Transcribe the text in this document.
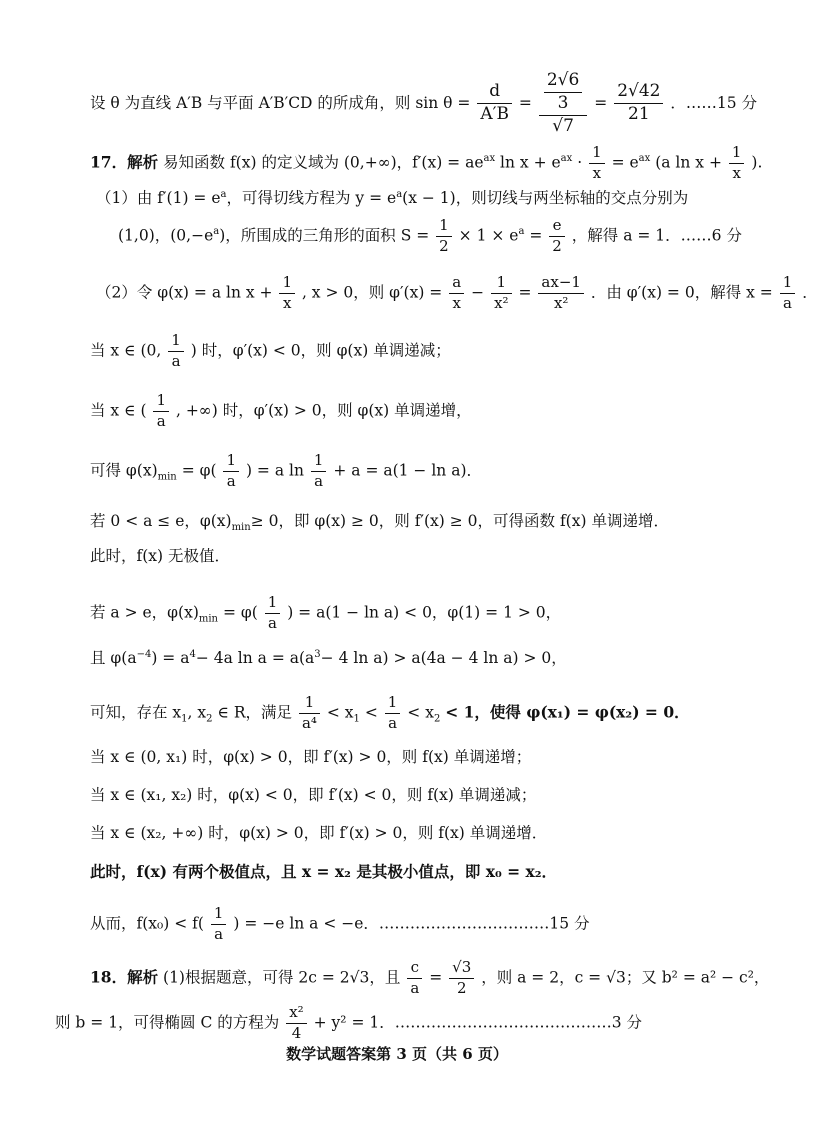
设 θ 为直线 A′B 与平面 A′B′CD 的所成角，则 $\sin \theta = \frac{d}{A'B} = \frac{\frac{2√6}{3}}{√7} = \frac{2√42}{21}$ ．……15 分
17．解析 易知函数 f(x) 的定义域为 (0,+∞)，$f'(x) = ae^{ax}$ $\ln x + e^{ax} \cdot \frac{1}{x} = e^{ax}$ (a $\ln x + \frac{1}{x}$ ).
（1）由 $f'(1) = e^a$，可得切线方程为 $y = e^a(x - 1)$，则切线与两坐标轴的交点分别为
(1,0)，$(0,-e^a)$，所围成的三角形的面积 $S = \frac{1}{2} \times 1 \times e^a = \frac{e}{2}$ ，解得 a = 1．……6 分
（2）令 φ(x) = a $\ln x + \frac{1}{x}$ , x > 0，则 $\varphi'(x) = \frac{a}{x} - \frac{1}{\text{x²}} = \frac{ax-1}{\text{x²}}$ ．由 φ′(x) = 0，解得 $x = \frac{1}{a}$ ．
当 x ∈ (0, $\frac{1}{a}$ ) 时，φ′(x) < 0，则 φ(x) 单调递减；
当 x ∈ ( $\frac{1}{a}$ , +∞) 时，φ′(x) > 0，则 φ(x) 单调递增，
可得 $\varphi(x)_{min} = \varphi( \frac{1}{a}$ ) = a $\ln \frac{1}{a} + a = a(1 - \ln a)$．
若 0 < a ≤ e，$\varphi(x)_{min}\ge 0$，即 φ(x) ≥ 0，则 f′(x) ≥ 0，可得函数 f(x) 单调递增．
此时，f(x) 无极值．
若 a > e，$\varphi(x)_{min} = \varphi( \frac{1}{a}$ ) = a(1 − ln a) < 0，φ(1) = 1 > 0，
且 $\varphi(a^{-4}) = a^4- 4a$ $\ln a = a(a^3- 4$ ln a) > a(4a − 4 ln a) > 0，
可知，存在 $x_1$, $x_2$ ∈ R，满足 $\frac{1}{\text{a⁴}} < x_1 < \frac{1}{a} < x_2 < 1$，使得 φ(x₁) = φ(x₂) = 0．
当 x ∈ (0, x₁) 时，φ(x) > 0，即 f′(x) > 0，则 f(x) 单调递增；
当 x ∈ (x₁, x₂) 时，φ(x) < 0，即 f′(x) < 0，则 f(x) 单调递减；
当 x ∈ (x₂, +∞) 时，φ(x) > 0，即 f′(x) > 0，则 f(x) 单调递增．
此时，f(x) 有两个极值点，且 x = x₂ 是其极小值点，即 x₀ = x₂．
从而，$f(x_0) < f( \frac{1}{a}$ ) = −e ln a < −e．……………………………15 分
18．解析 (1)根据题意，可得 2c = 2√3，且 $\frac{c}{a} = \frac{√3}{2}$ ，则 a = 2，c = √3；又 b² = a² − c²，
则 b = 1，可得椭圆 C 的方程为 $\frac{\text{x²}}{4} + y^2 = 1$．……………………………………3 分
数学试题答案第 3 页（共 6 页）
